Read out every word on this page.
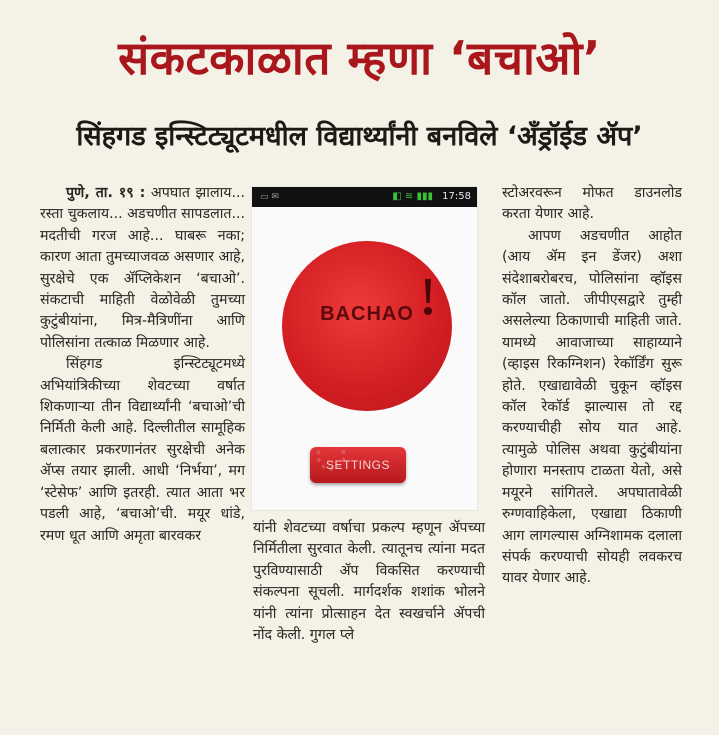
संकटकाळात म्हणा ‘बचाओ’
सिंहगड इन्स्टिट्यूटमधील विद्यार्थ्यांनी बनविले ‘अँड्रॉईड ॲप’

पुणे, ता. १९ : अपघात झालाय... रस्ता चुकलाय... अडचणीत सापडलात... मदतीची गरज आहे... घाबरू नका; कारण आता तुमच्याजवळ असणार आहे, सुरक्षेचे एक ॲप्लिकेशन ‘बचाओ’. संकटाची माहिती वेळोवेळी तुमच्या कुटुंबीयांना, मित्र-मैत्रिणींना आणि पोलिसांना तत्काळ मिळणार आहे.

सिंहगड इन्स्टिट्यूटमध्ये अभियांत्रिकीच्या शेवटच्या वर्षात शिकणाऱ्या तीन विद्यार्थ्यांनी ‘बचाओ’ची निर्मिती केली आहे. दिल्लीतील सामूहिक बलात्कार प्रकरणानंतर सुरक्षेची अनेक ॲप्स तयार झाली. आधी ‘निर्भया’, मग ‘स्टेसेफ’ आणि इतरही. त्यात आता भर पडली आहे, ‘बचाओ’ची. मयूर धांडे, रमण धूत आणि अमृता बारवकर

▭ ✉	◧ ≋ ▮▮▮ 17:58
BACHAO
SETTINGS

यांनी शेवटच्या वर्षाचा प्रकल्प म्हणून ॲपच्या निर्मितीला सुरवात केली. त्यातूनच त्यांना मदत पुरविण्यासाठी ॲप विकसित करण्याची संकल्पना सूचली. मार्गदर्शक शशांक भोलने यांनी त्यांना प्रोत्साहन देत स्वखर्चाने ॲपची नोंद केली. गुगल प्ले

स्टोअरवरून मोफत डाउनलोड करता येणार आहे.

आपण अडचणीत आहोत (आय ॲम इन डेंजर) अशा संदेशाबरोबरच, पोलिसांना व्हॉइस कॉल जातो. जीपीएसद्वारे तुम्ही असलेल्या ठिकाणाची माहिती जाते. यामध्ये आवाजाच्या साहाय्याने (व्हाइस रिकग्निशन) रेकॉर्डिंग सुरू होते. एखाद्यावेळी चुकून व्हॉइस कॉल रेकॉर्ड झाल्यास तो रद्द करण्याचीही सोय यात आहे. त्यामुळे पोलिस अथवा कुटुंबीयांना होणारा मनस्ताप टाळता येतो, असे मयूरने सांगितले. अपघातावेळी रुग्णवाहिकेला, एखाद्या ठिकाणी आग लागल्यास अग्निशामक दलाला संपर्क करण्याची सोयही लवकरच यावर येणार आहे.
